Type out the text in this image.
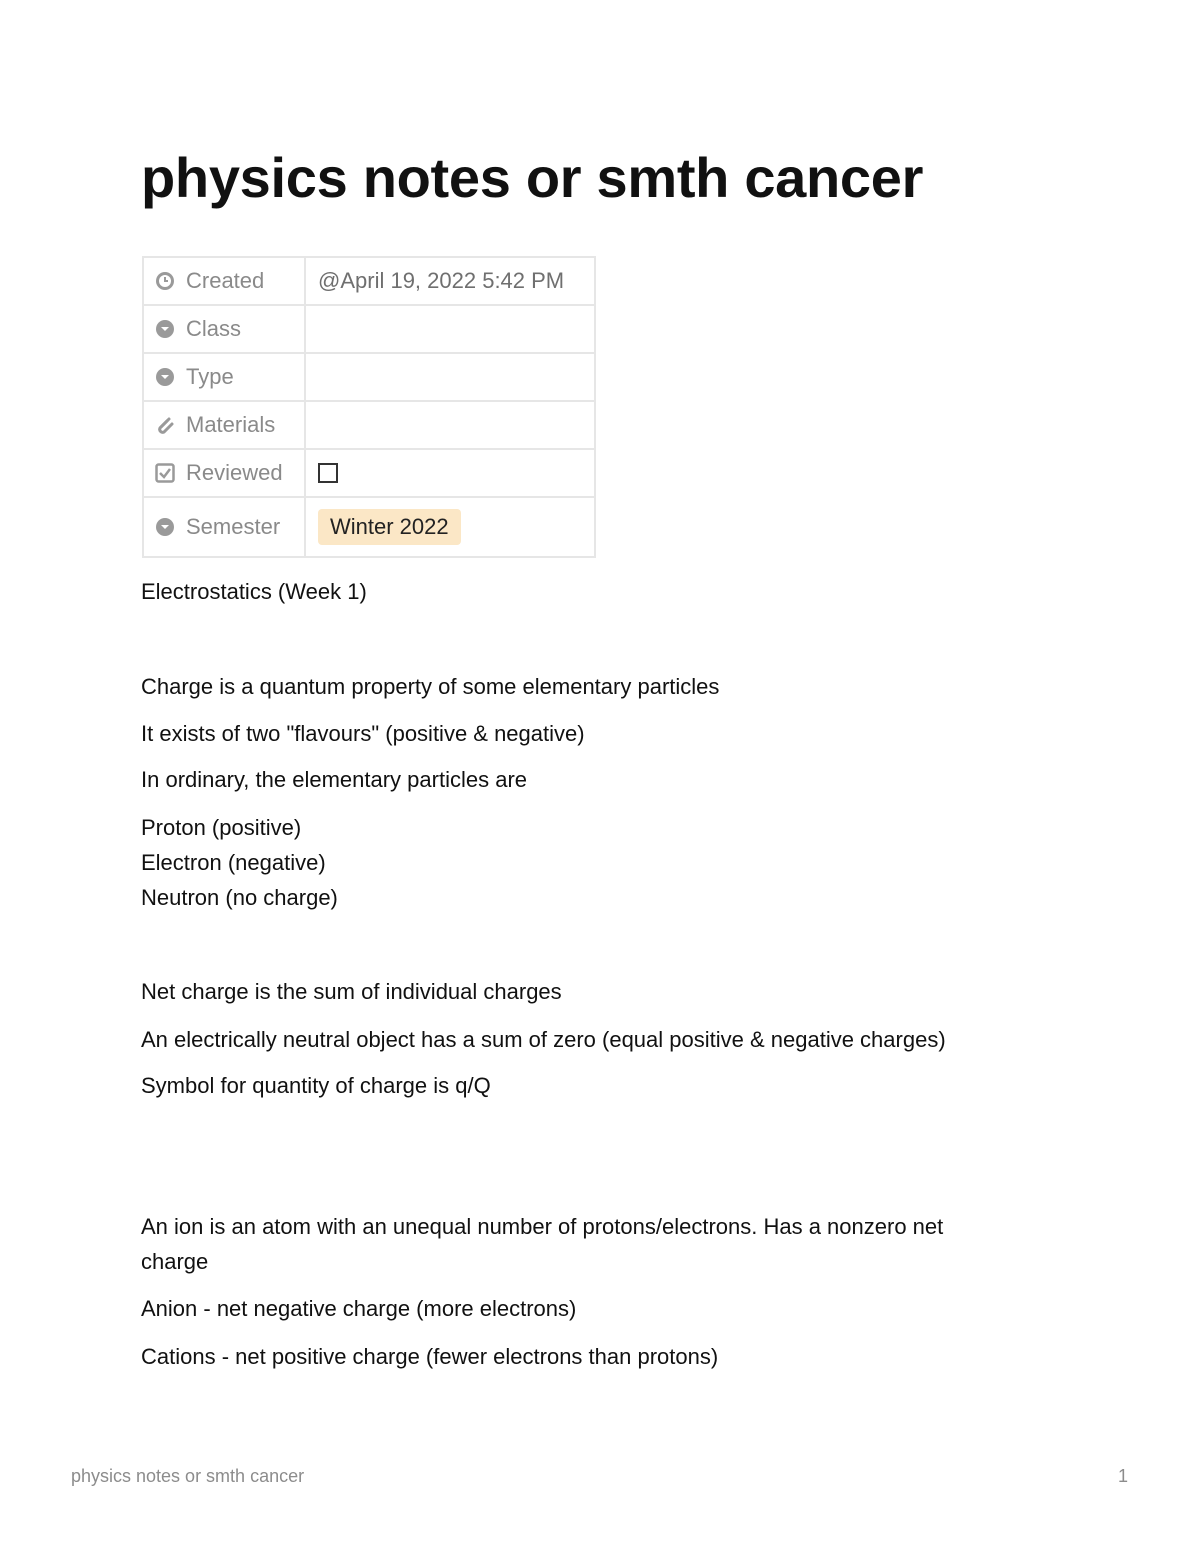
physics notes or smth cancer
Created	@April 19, 2022 5:42 PM

Class	

Type	

Materials	

Reviewed	

Semester	Winter 2022
Electrostatics (Week 1)
Charge is a quantum property of some elementary particles
It exists of two "flavours" (positive & negative)
In ordinary, the elementary particles are
Proton (positive)
Electron (negative)
Neutron (no charge)
Net charge is the sum of individual charges
An electrically neutral object has a sum of zero (equal positive & negative charges)
Symbol for quantity of charge is q/Q
An ion is an atom with an unequal number of protons/electrons. Has a nonzero net
charge
Anion - net negative charge (more electrons)
Cations - net positive charge (fewer electrons than protons)
physics notes or smth cancer	1
